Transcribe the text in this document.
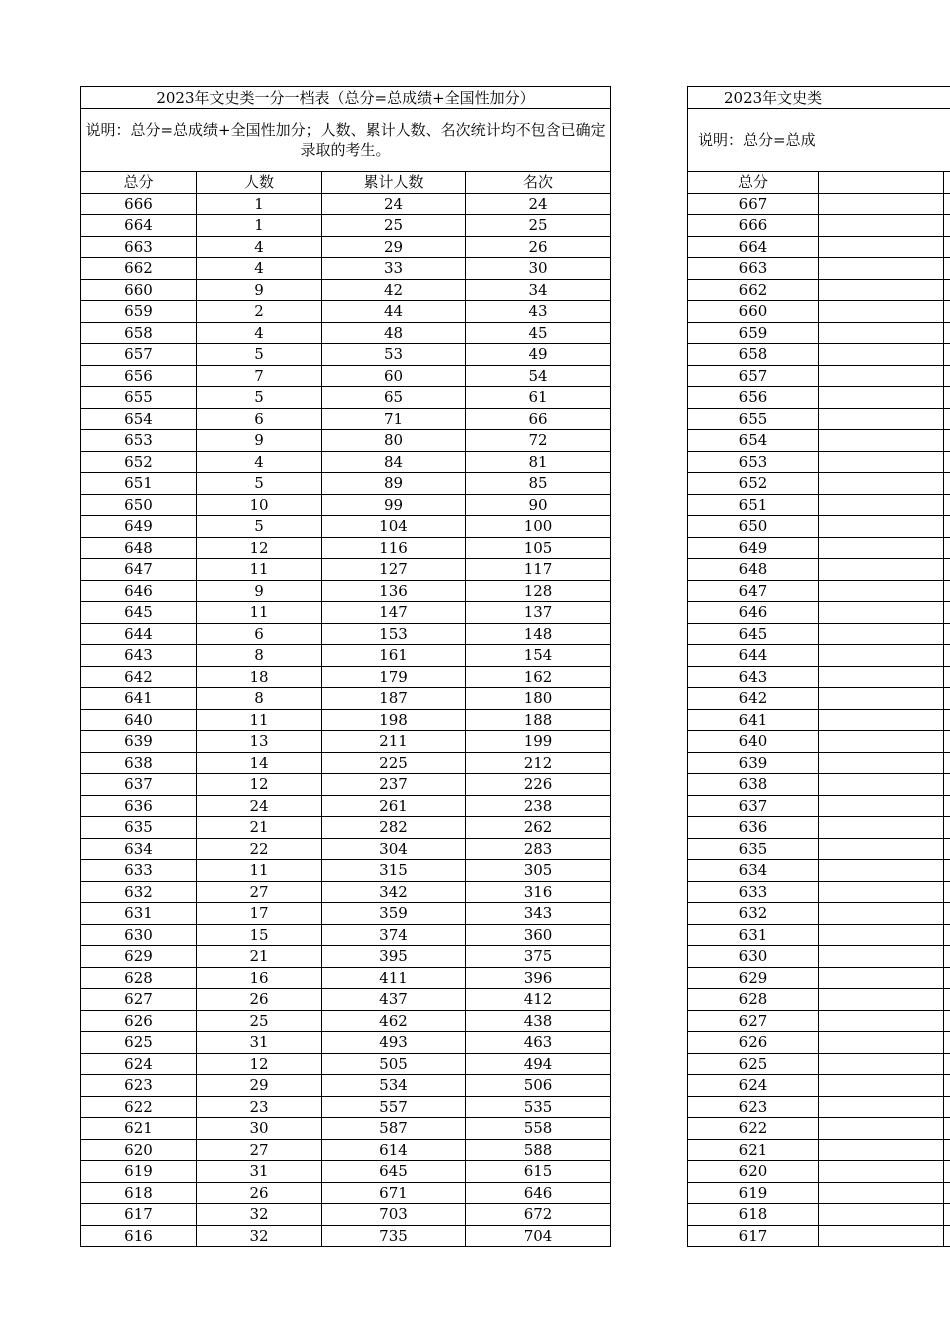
2023年文史类一分一档表（总分=总成绩+全国性加分）			
说明：总分=总成绩+全国性加分；人数、累计人数、名次统计均不包含已确定录取的考生。			
总分	人数	累计人数	名次
666	1	24	24
664	1	25	25
663	4	29	26
662	4	33	30
660	9	42	34
659	2	44	43
658	4	48	45
657	5	53	49
656	7	60	54
655	5	65	61
654	6	71	66
653	9	80	72
652	4	84	81
651	5	89	85
650	10	99	90
649	5	104	100
648	12	116	105
647	11	127	117
646	9	136	128
645	11	147	137
644	6	153	148
643	8	161	154
642	18	179	162
641	8	187	180
640	11	198	188
639	13	211	199
638	14	225	212
637	12	237	226
636	24	261	238
635	21	282	262
634	22	304	283
633	11	315	305
632	27	342	316
631	17	359	343
630	15	374	360
629	21	395	375
628	16	411	396
627	26	437	412
626	25	462	438
625	31	493	463
624	12	505	494
623	29	534	506
622	23	557	535
621	30	587	558
620	27	614	588
619	31	645	615
618	26	671	646
617	32	703	672
616	32	735	704
2023年文史类			
说明：总分=总成			
总分			
667			
666			
664			
663			
662			
660			
659			
658			
657			
656			
655			
654			
653			
652			
651			
650			
649			
648			
647			
646			
645			
644			
643			
642			
641			
640			
639			
638			
637			
636			
635			
634			
633			
632			
631			
630			
629			
628			
627			
626			
625			
624			
623			
622			
621			
620			
619			
618			
617			
